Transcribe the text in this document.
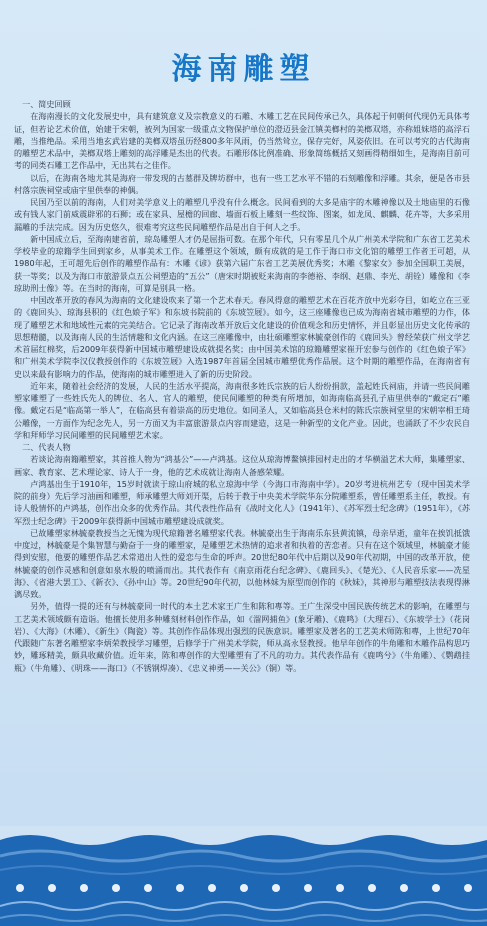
海南雕塑

一、简史回顾

在海南漫长的文化发展史中，具有建筑意义及宗教意义的石雕、木雕工艺在民间传承已久，具体起于何朝何代现仍无具体考证，但若论艺术价值，始建于宋朝，被列为国家一级重点文物保护单位的澄迈县金江镇美榔村的美榔双塔，亦称姐妹塔的高浮石雕，当推绝品。采用当地玄武岩建的美榔双塔虽历经800多年风雨，仍当然耸立，保存完好，风姿依旧。在可以考究的古代海南的雕塑艺术品中，美榔双塔上雕刻的高浮雕是杰出的代表。石雕形体比例准确、形象简练概括又刻画得精细如生，是海南目前可考的同类石雕工艺作品中，无出其右之佳作。

以后，在海南各地尤其是海府一带发现的古墓群及牌坊群中，也有一些工艺水平不错的石刻雕像和浮雕。其余，便是各市县村落宗族祠堂或庙宇里供奉的神偶。

民国乃至以前的海南，人们对美学意义上的雕塑几乎没有什么概念。民间看到的大多是庙宇的木雕神像以及土地庙里的石像或有钱人家门前威震辟邪的石狮；或在家具、屋檐的回廊、墙面石板上雕刻一些纹饰、图案，如龙凤、麒麟、花卉等，大多采用漏雕的手法完成。因为历史悠久，很难考究这些民间雕塑作品是出自于何人之手。

新中国成立后，至海南建省前，琼岛雕塑人才仍是屈指可数。在那个年代，只有零星几个从广州美术学院和广东省工艺美术学校毕业的琼籍学生回到家乡，从事美术工作。在雕塑这个领域，颇有成就的是工作于海口市文化馆的雕塑工作者王可超，从1980年起，王可超先后创作的雕塑作品有：木雕《谚》获第六届广东省工艺美展优秀奖；木雕《黎家女》参加全国职工美展，获一等奖；以及为海口市旅游景点五公祠塑造的“五公”（唐宋时期被贬来海南的李德裕、李纲、赵鼎、李光、胡铨）雕像和《李琼助刑士像》等。在当时的海南，可算是别具一格。

中国改革开放的春风为海南的文化建设吹来了第一个艺术春天。春风得意的雕塑艺术在百花齐放中光彩夺目，如屹立在三亚的《鹿回头》、琼海县积的《红色娘子军》和东坡书院前的《东坡笠屐》。如今，这三座雕像也已成为海南省城市雕塑的力作，体现了雕塑艺术和地域性元素的完美结合。它记录了海南改革开放后文化建设的价值观念和历史情怀，并且彰显出历史文化传承的思想精髓，以及海南人民的生活情趣和文化内涵。在这三座雕像中，由壮硕雕塑家林毓豪创作的《鹿回头》曾经荣获广州文学艺术首届红棉奖，后2009年获得新中国城市雕塑建设成就提名奖；由中国美术馆的琼籍雕塑家崔开宏参与创作的《红色娘子军》和广州美术学院李汉仪教授创作的《东坡笠屐》入选1987年首届全国城市雕塑优秀作品展。这个时期的雕塑作品，在海南省有史以来最有影响力的作品，使海南的城市雕塑进入了新的历史阶段。

近年来，随着社会经济的发展，人民的生活水平提高，海南很多姓氏宗族的后人纷纷捐款，盖起姓氏祠庙，并请一些民间雕塑家雕塑了一些姓氏先人的牌位、名人、官人的雕塑，使民间雕塑的种类有所增加，如海南临高县孔子庙里供奉的“戴定石”雕像。戴定石是“临高第一举人”，在临高县有着崇高的历史地位。如同圣人，又如临高县仓米村的陈氏宗族祠堂里的宋朝宰相王琦公雕像，一方面作为纪念先人，另一方面又为丰富旅游景点内容而建造，这是一种新型的文化产业。因此，也涌跃了不少农民自学和拜师学习民间雕塑的民间雕塑艺术家。

二、代表人物

若谈论海南籍雕塑家，其首推人物为“鸿基公”——卢鸿基。这位从琼海博鳌镇排园村走出的才华横溢艺术大师，集雕塑家、画家、教育家、艺术理论家、诗人于一身，他的艺术成就让海南人备感荣耀。

卢鸿基出生于1910年，15岁时就读于琼山府城的私立琼海中学（今海口市海南中学）。20岁考进杭州艺专（现中国美术学院的前身）先后学习油画和雕塑，师承雕塑大师刘开渠，后转于教于中央美术学院华东分院雕塑系，曾任雕塑系主任，教授。有诗人般情怀的卢鸿基，创作出众多的优秀作品。其代表性作品有《战时文化人》（1941年）、《苏军烈士纪念碑》（1951年），《苏军烈士纪念碑》于2009年获得新中国城市雕塑建设成就奖。

已故雕塑家林毓豪教授当之无愧为现代琼籍著名雕塑家代表。林毓豪出生于海南乐东县黄流镇，母亲早逝，童年在挨饥抵饿中度过，林毓豪是个集智慧与勤奋于一身的雕塑家，是雕塑艺术热情的追求者和执着的苦恋者。只有在这个领域里，林毓豪才能得到安慰，他要的雕塑作品艺术常道出人性的爱恋与生命的呼声。20世纪80年代中后期以及90年代初期，中国的改革开放，使林毓豪的创作灵感和创意如泉水般的喷涌而出。其代表作有《南京雨花台纪念碑》、《鹿回头》、《楚光》、《人民音乐家——冼星海》、《省港大罢工》、《新衣》、《孙中山》等。20世纪90年代初，以他林妹为原型而创作的《秋妹》，其神形与雕塑技法表现得淋漓尽致。

另外，值得一提的还有与林毓豪同一时代的本土艺术家王广生和陈和專等。王广生深受中国民族传统艺术的影响，在雕塑与工艺美术领域颇有造诣。他擅长使用多种雕刻材料创作作品，如《溜网捕鱼》(象牙雕)、《鹿鸣》（大理石）、《东坡学士》（花岗岩）、《大海》（木雕）、《新生》（陶瓷）等。其创作作品体现出强烈的民族意识。雕塑家及著名的工艺美术师陈和專，上世纪70年代跟随广东著名雕塑家李炳荣教授学习雕塑，后修学于广州美术学院，师从高永竖教授。他早年创作的牛角雕和木雕作品构思巧妙，雕琢精美，颇具收藏价值。近年来，陈和專创作的大型雕塑有了不凡的功力。其代表作品有《鹿鸣兮》（牛角雕）、《鹦鹉挂瓶》（牛角雕）、《明珠——海口》（不锈钢焊凑）、《忠义神勇——关公》（铜）等。
